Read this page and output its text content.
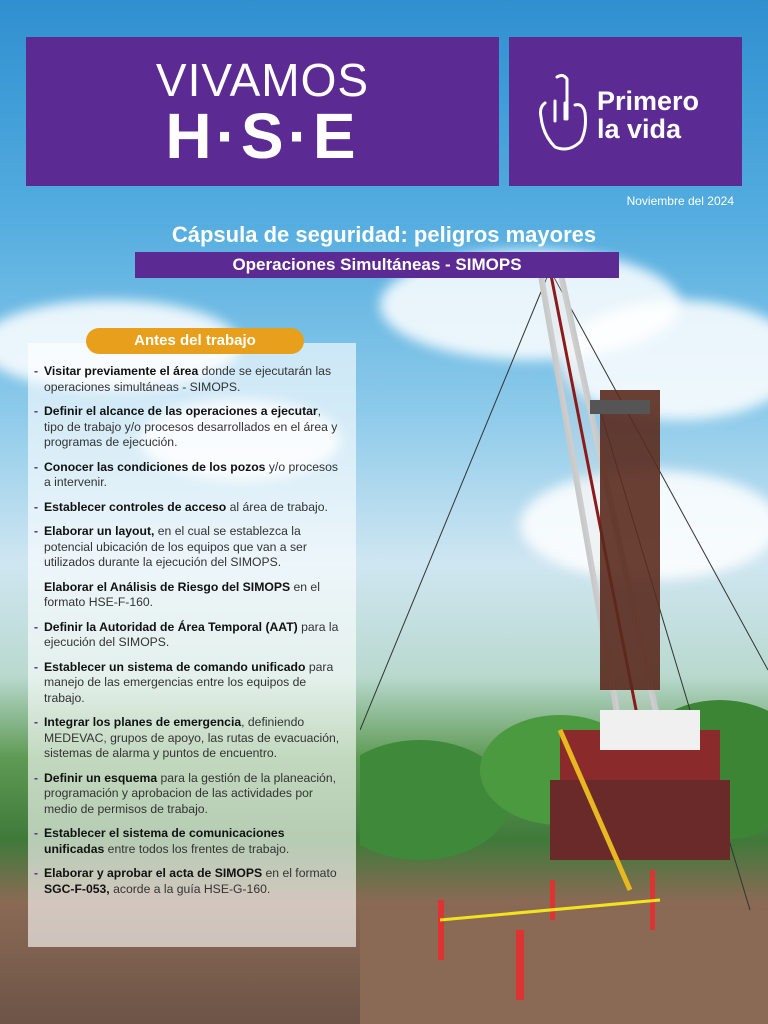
VIVAMOS
H·S·E	Primero
la vida
Noviembre del 2024
Cápsula de seguridad: peligros mayores
Operaciones Simultáneas - SIMOPS
Antes del trabajo
- Visitar previamente el área donde se ejecutarán las operaciones simultáneas - SIMOPS.
- Definir el alcance de las operaciones a ejecutar, tipo de trabajo y/o procesos desarrollados en el área y programas de ejecución.
- Conocer las condiciones de los pozos y/o procesos a intervenir.
- Establecer controles de acceso al área de trabajo.
- Elaborar un layout, en el cual se establezca la potencial ubicación de los equipos que van a ser utilizados durante la ejecución del SIMOPS.
Elaborar el Análisis de Riesgo del SIMOPS en el formato HSE-F-160.
- Definir la Autoridad de Área Temporal (AAT) para la ejecución del SIMOPS.
- Establecer un sistema de comando unificado para manejo de las emergencias entre los equipos de trabajo.
- Integrar los planes de emergencia, definiendo MEDEVAC, grupos de apoyo, las rutas de evacuación, sistemas de alarma y puntos de encuentro.
- Definir un esquema para la gestión de la planeación, programación y aprobacion de las actividades por medio de permisos de trabajo.
- Establecer el sistema de comunicaciones unificadas entre todos los frentes de trabajo.
- Elaborar y aprobar el acta de SIMOPS en el formato SGC-F-053, acorde a la guía HSE-G-160.
